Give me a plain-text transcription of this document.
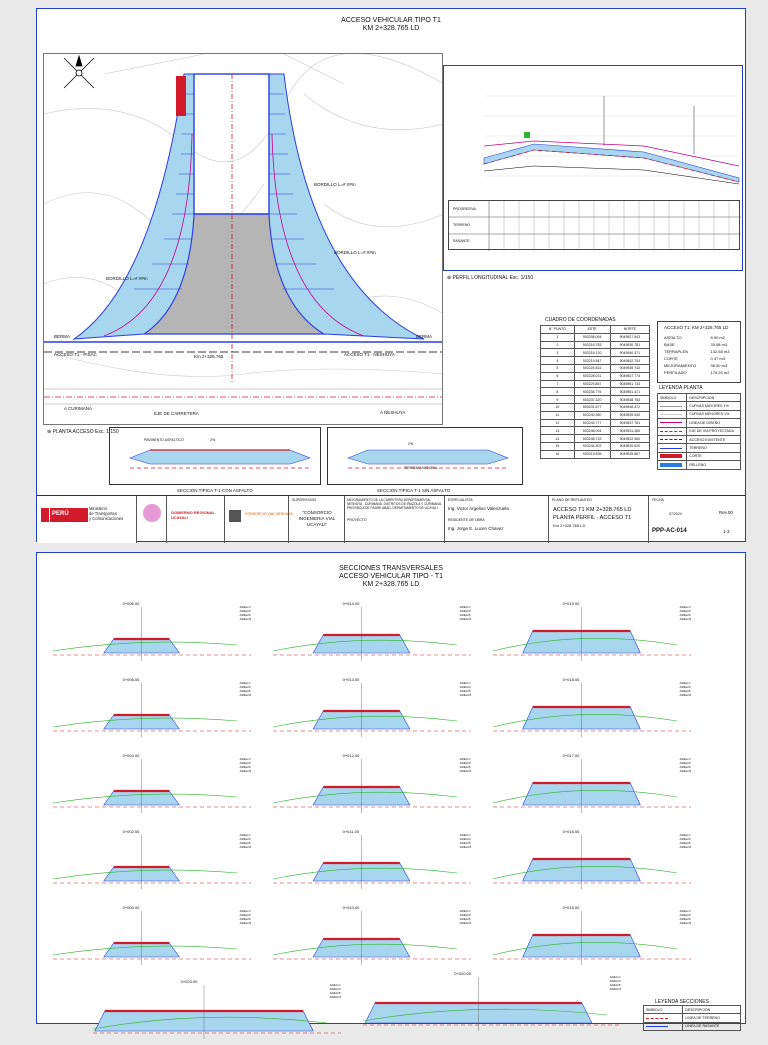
ACCESO VEHICULAR TIPO T1
KM 2+328.765 LD
BORDILLO L=#.##m
BORDILLO L=#.##m
BORDILLO L=#.##m
BERMA	BERMA
ACCESO T1 - PISAC	Km 2+328.765	ACCESO T1 - NESHUYA
A CURIMANA
EJE DE CARRETERA	A NESHUYA
⊕ PLANTA ACCESO Esc. 1/150
PROGRESIVA
TERRENO
RASANTE
⊕ PERFIL LONGITUDINAL Esc. 1/150
PAVIMENTO ASFALTICO	2%
SECCION TIPICA T-1 CON ASFALTO
2%
TERRENO NATURAL
SECCION TIPICA T-1 SIN ASFALTO
CUADRO DE COORDENADAS
N° PUNTO	ESTE	NORTE
1	503208.094	9049527.543
2	503216.783	9049530.781
3	503216.120	9049540.371
4	503219.547	9049542.704
5	503224.522	9049545.742
6	503228.031	9049547.774
7	503229.867	9049551.733
8	503234.776	9049551.471
9	503237.320	9049548.753
10	503231.677	9049546.472
11	503240.350	9049539.940
12	503243.777	9049537.781
13	503246.094	9049531.260
14	503248.733	9049522.960
15	503244.302	9049520.620
16	503219.836	9049525.867
ACCESO T1: KM 2+328.765 LD
ASFALTO	8.90 m2
BASE	33.98 m3
TERRAPLEN	132.58 m3
CORTE	0.47 m3
MEJORAMIENTO	38.50 m3
PERFILADO	175.25 m2
LEYENDA PLANTA
SIMBOLO	DESCRIPCION
	CURVAS MAYORES 1%
	CURVAS MENORES 1%
	LINEA DE DISEÑO
	EJE DE VIA PROYECTADA
	ACCESO EXISTENTE
	TERRENO
	CORTE
	RELLENO
PERÚ
Ministerio
de Transportes
y Comunicaciones
GOBIERNO REGIONAL UCAYALI
CONSORCIO VIAL NESHUYA
SUPERVISION
"CONSORCIO
INGENIERIA VIAL
UCAYALI"
MEJORAMIENTO DE LA CARRETERA DEPARTAMENTAL NESHUYA - CURIMANÁ, DISTRITOS DE IRAZOLA Y CURIMANÁ, PROVINCIA DE PADRE ABAD, DEPARTAMENTO DE UCAYALI
PROYECTO
ESPECIALISTA
Ing. Victor Argelino Valenzuela
RESIDENTE DE OBRA
Ing. Jorge E. Lucen Chavez
PLANO DE REPLANTEO
ACCESO T1 KM 2+328.765 LD
PLANTA PERFIL - ACCESO T1
Km 2+328.765 LD
FECHA
07/2024	Rev.00
PPP-AC-014	1-3
SECCIONES TRANSVERSALES
ACCESO VEHICULAR TIPO - T1
KM 2+328.765 LD
0+006.00
AREA C
AREA R
AREA B
AREA M
0+014.00
AREA C
AREA R
AREA B
AREA M
0+019.00
AREA C
AREA R
AREA B
AREA M
0+006.00
AREA C
AREA R
AREA B
AREA M
0+013.00
AREA C
AREA R
AREA B
AREA M
0+018.00
AREA C
AREA R
AREA B
AREA M
0+004.00
AREA C
AREA R
AREA B
AREA M
0+012.00
AREA C
AREA R
AREA B
AREA M
0+017.00
AREA C
AREA R
AREA B
AREA M
0+002.00
AREA C
AREA R
AREA B
AREA M
0+011.00
AREA C
AREA R
AREA B
AREA M
0+016.00
AREA C
AREA R
AREA B
AREA M
0+000.00
AREA C
AREA R
AREA B
AREA M
0+010.00
AREA C
AREA R
AREA B
AREA M
0+015.00
AREA C
AREA R
AREA B
AREA M
0+020.00
AREA C
AREA R
AREA B
AREA M
0+020.00
AREA C
AREA R
AREA B
AREA M
LEYENDA SECCIONES
SIMBOLO	DESCRIPCION
	LINEA DE TERRENO
	LINEA DE RASANTE
